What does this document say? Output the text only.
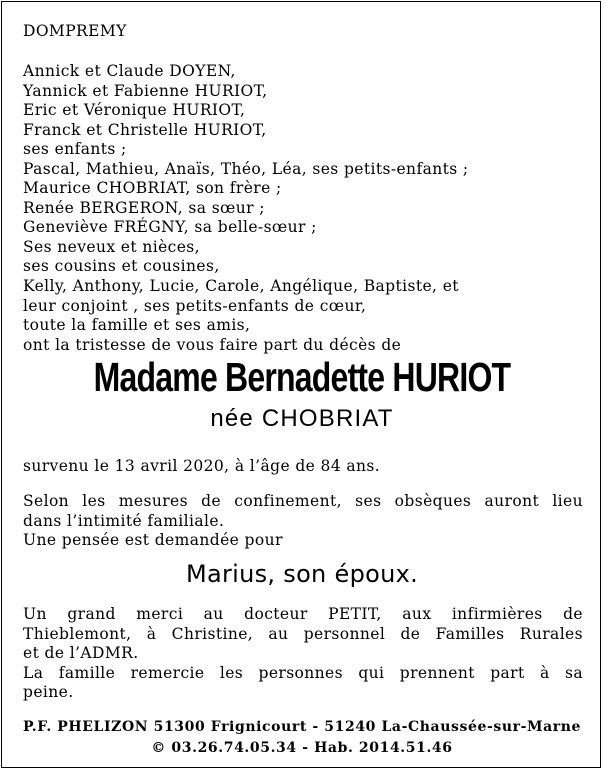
DOMPREMY
Annick et Claude DOYEN,
Yannick et Fabienne HURIOT,
Eric et Véronique HURIOT,
Franck et Christelle HURIOT,
ses enfants ;
Pascal, Mathieu, Anaïs, Théo, Léa, ses petits-enfants ;
Maurice CHOBRIAT, son frère ;
Renée BERGERON, sa sœur ;
Geneviève FRÉGNY, sa belle-sœur ;
Ses neveux et nièces,
ses cousins et cousines,
Kelly, Anthony, Lucie, Carole, Angélique, Baptiste, et
leur conjoint , ses petits-enfants de cœur,
toute la famille et ses amis,
ont la tristesse de vous faire part du décès de
Madame Bernadette HURIOT
née CHOBRIAT
survenu le 13 avril 2020, à l’âge de 84 ans.
Selon les mesures de confinement, ses obsèques auront lieu
dans l’intimité familiale.
Une pensée est demandée pour
Marius, son époux.
Un grand merci au docteur PETIT, aux infirmières de
Thieblemont, à Christine, au personnel de Familles Rurales
et de l’ADMR.
La famille remercie les personnes qui prennent part à sa
peine.
P.F. PHELIZON 51300 Frignicourt - 51240 La-Chaussée-sur-Marne
© 03.26.74.05.34 - Hab. 2014.51.46
